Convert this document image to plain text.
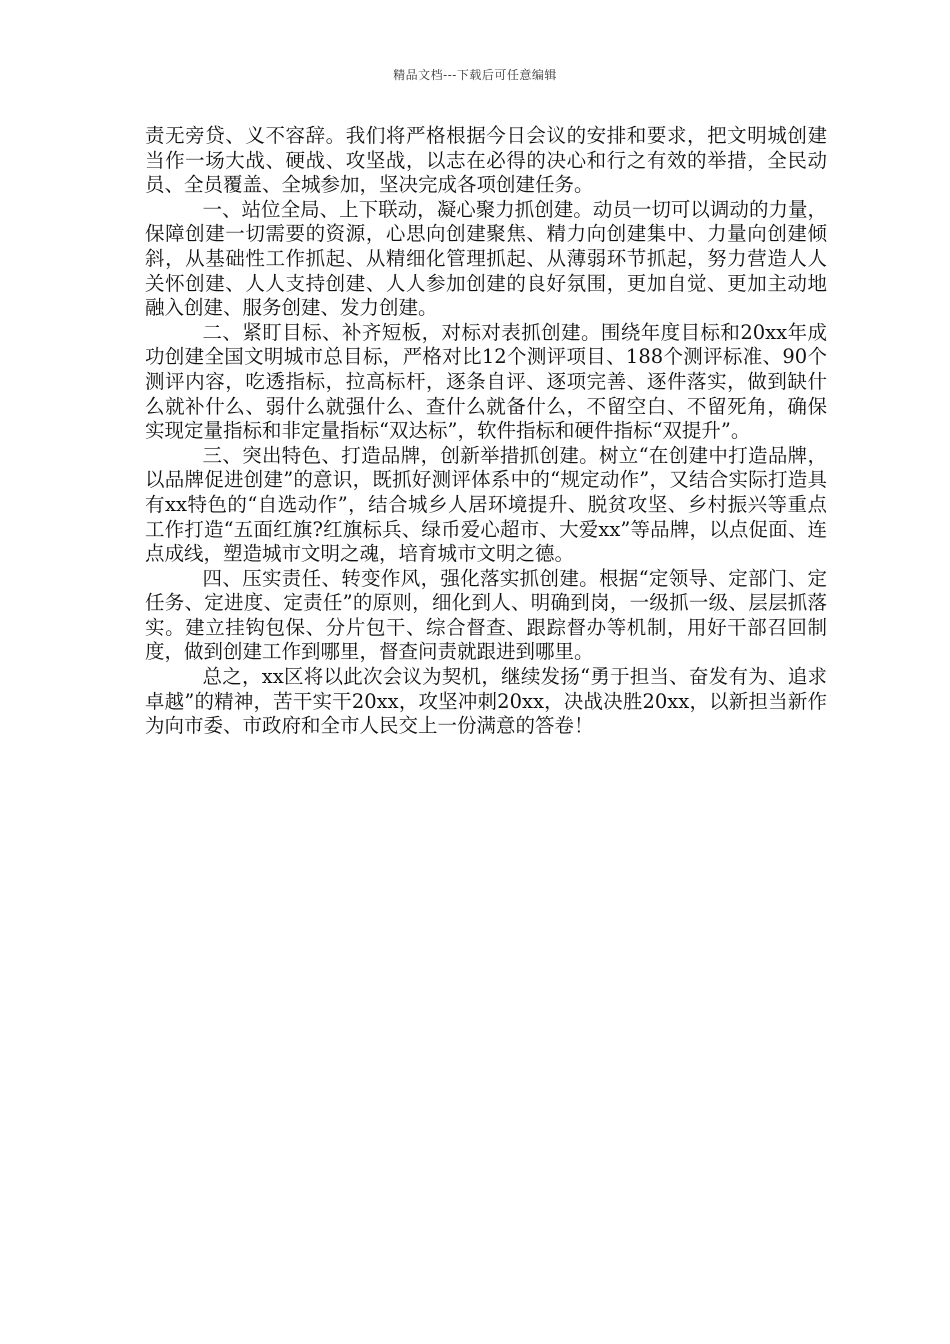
精品文档---下载后可任意编辑

责无旁贷、义不容辞。我们将严格根据今日会议的安排和要求，把文明城创建当作一场大战、硬战、攻坚战，以志在必得的决心和行之有效的举措，全民动员、全员覆盖、全城参加，坚决完成各项创建任务。

一、站位全局、上下联动，凝心聚力抓创建。动员一切可以调动的力量，保障创建一切需要的资源，心思向创建聚焦、精力向创建集中、力量向创建倾斜，从基础性工作抓起、从精细化管理抓起、从薄弱环节抓起，努力营造人人关怀创建、人人支持创建、人人参加创建的良好氛围，更加自觉、更加主动地融入创建、服务创建、发力创建。

二、紧盯目标、补齐短板，对标对表抓创建。围绕年度目标和20xx年成功创建全国文明城市总目标，严格对比12个测评项目、188个测评标准、90个测评内容，吃透指标，拉高标杆，逐条自评、逐项完善、逐件落实，做到缺什么就补什么、弱什么就强什么、查什么就备什么，不留空白、不留死角，确保实现定量指标和非定量指标“双达标”，软件指标和硬件指标“双提升”。

三、突出特色、打造品牌，创新举措抓创建。树立“在创建中打造品牌，以品牌促进创建”的意识，既抓好测评体系中的“规定动作”，又结合实际打造具有xx特色的“自选动作”，结合城乡人居环境提升、脱贫攻坚、乡村振兴等重点工作打造“五面红旗?红旗标兵、绿币爱心超市、大爱xx”等品牌，以点促面、连点成线，塑造城市文明之魂，培育城市文明之德。

四、压实责任、转变作风，强化落实抓创建。根据“定领导、定部门、定任务、定进度、定责任”的原则，细化到人、明确到岗，一级抓一级、层层抓落实。建立挂钩包保、分片包干、综合督查、跟踪督办等机制，用好干部召回制度，做到创建工作到哪里，督查问责就跟进到哪里。

总之，xx区将以此次会议为契机，继续发扬“勇于担当、奋发有为、追求卓越”的精神，苦干实干20xx，攻坚冲刺20xx，决战决胜20xx，以新担当新作为向市委、市政府和全市人民交上一份满意的答卷！
